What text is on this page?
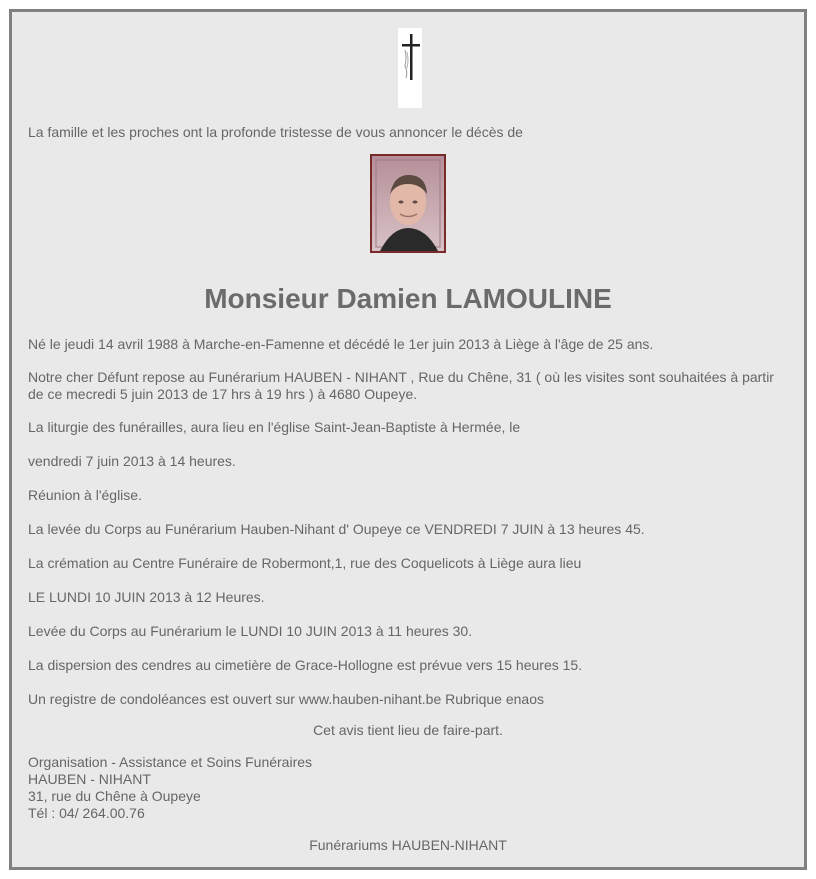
La famille et les proches ont la profonde tristesse de vous annoncer le décès de
Monsieur Damien LAMOULINE

Né le jeudi 14 avril 1988 à Marche-en-Famenne et décédé le 1er juin 2013 à Liège à l'âge de 25 ans.

Notre cher Défunt repose au Funérarium HAUBEN - NIHANT , Rue du Chêne, 31 ( où les visites sont souhaitées à partir de ce mecredi 5 juin 2013 de 17 hrs à 19 hrs ) à 4680 Oupeye.

La liturgie des funérailles, aura lieu en l'église Saint-Jean-Baptiste à Hermée, le

vendredi 7 juin 2013 à 14 heures.

Réunion à l'église.

La levée du Corps au Funérarium Hauben-Nihant d' Oupeye ce VENDREDI 7 JUIN à 13 heures 45.

La crémation au Centre Funéraire de Robermont,1, rue des Coquelicots à Liège aura lieu

LE LUNDI 10 JUIN 2013 à 12 Heures.

Levée du Corps au Funérarium le LUNDI 10 JUIN 2013 à 11 heures 30.

La dispersion des cendres au cimetière de Grace-Hollogne est prévue vers 15 heures 15.

Un registre de condoléances est ouvert sur www.hauben-nihant.be Rubrique enaos

Cet avis tient lieu de faire-part.
Organisation - Assistance et Soins Funéraires
HAUBEN - NIHANT
31, rue du Chêne à Oupeye
Tél : 04/ 264.00.76
Funérariums HAUBEN-NIHANT
